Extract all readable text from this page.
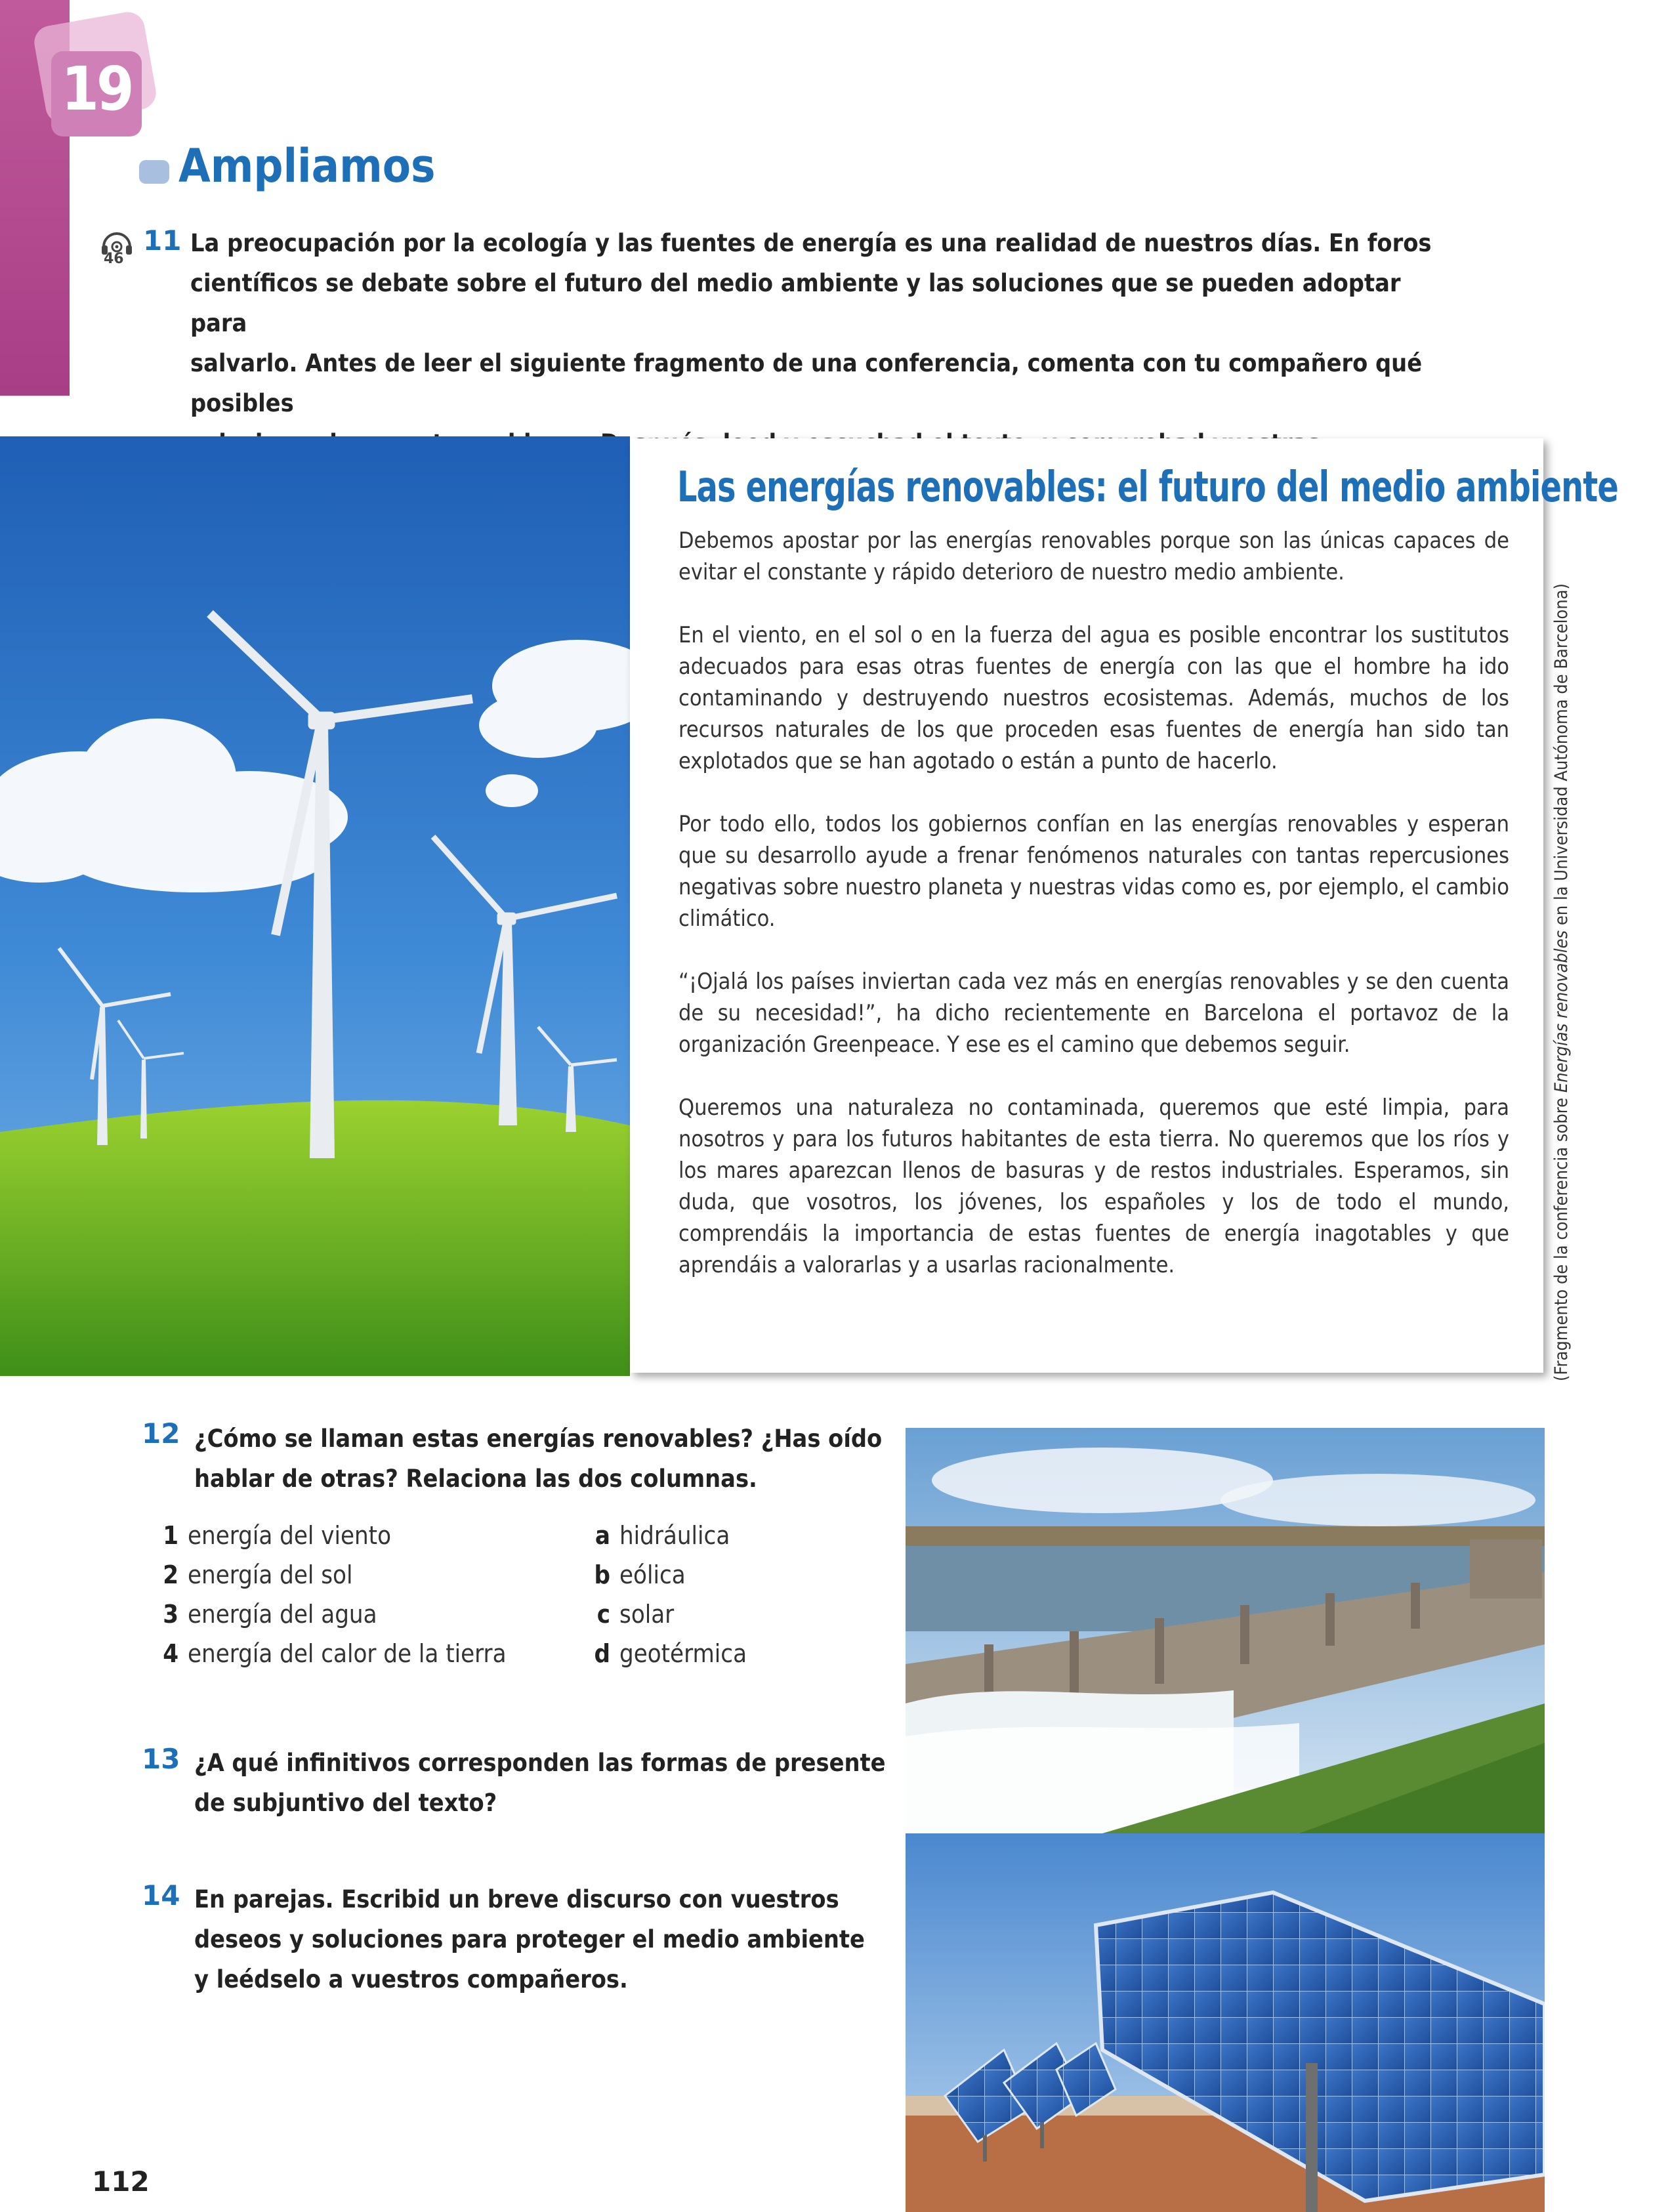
19
Ampliamos
46
11 La preocupación por la ecología y las fuentes de energía es una realidad de nuestros días. En foros
científicos se debate sobre el futuro del medio ambiente y las soluciones que se pueden adoptar para
salvarlo. Antes de leer el siguiente fragmento de una conferencia, comenta con tu compañero qué posibles
Las energías renovables: el futuro del medio ambiente

Debemos apostar por las energías renovables porque son las únicas capaces de evitar el constante y rápido deterioro de nuestro medio ambiente.

En el viento, en el sol o en la fuerza del agua es posible encontrar los sustitutos adecuados para esas otras fuentes de energía con las que el hombre ha ido contaminando y destruyendo nuestros ecosistemas. Además, muchos de los recursos naturales de los que proceden esas fuentes de energía han sido tan explotados que se han agotado o están a punto de hacerlo.

Por todo ello, todos los gobiernos confían en las energías renovables y esperan que su desarrollo ayude a frenar fenómenos naturales con tantas repercusiones negativas sobre nuestro planeta y nuestras vidas como es, por ejemplo, el cambio climático.

“¡Ojalá los países inviertan cada vez más en energías renovables y se den cuenta de su necesidad!”, ha dicho recientemente en Barcelona el portavoz de la organización Greenpeace. Y ese es el camino que debemos seguir.

Queremos una naturaleza no contaminada, queremos que esté limpia, para nosotros y para los futuros habitantes de esta tierra. No queremos que los ríos y los mares aparezcan llenos de basuras y de restos industriales. Esperamos, sin duda, que vosotros, los jóvenes, los españoles y los de todo el mundo, comprendáis la importancia de estas fuentes de energía inagotables y que aprendáis a valorarlas y a usarlas racionalmente.	(Fragmento de la conferencia sobre Energías renovables en la Universidad Autónoma de Barcelona)
12 ¿Cómo se llaman estas energías renovables? ¿Has oído
hablar de otras? Relaciona las dos columnas.
1 energía del viento
2 energía del sol
3 energía del agua
4 energía del calor de la tierra
a hidráulica
b eólica
c solar
d geotérmica
13 ¿A qué infinitivos corresponden las formas de presente
de subjuntivo del texto?
14 En parejas. Escribid un breve discurso con vuestros
deseos y soluciones para proteger el medio ambiente
y leédselo a vuestros compañeros.
112
